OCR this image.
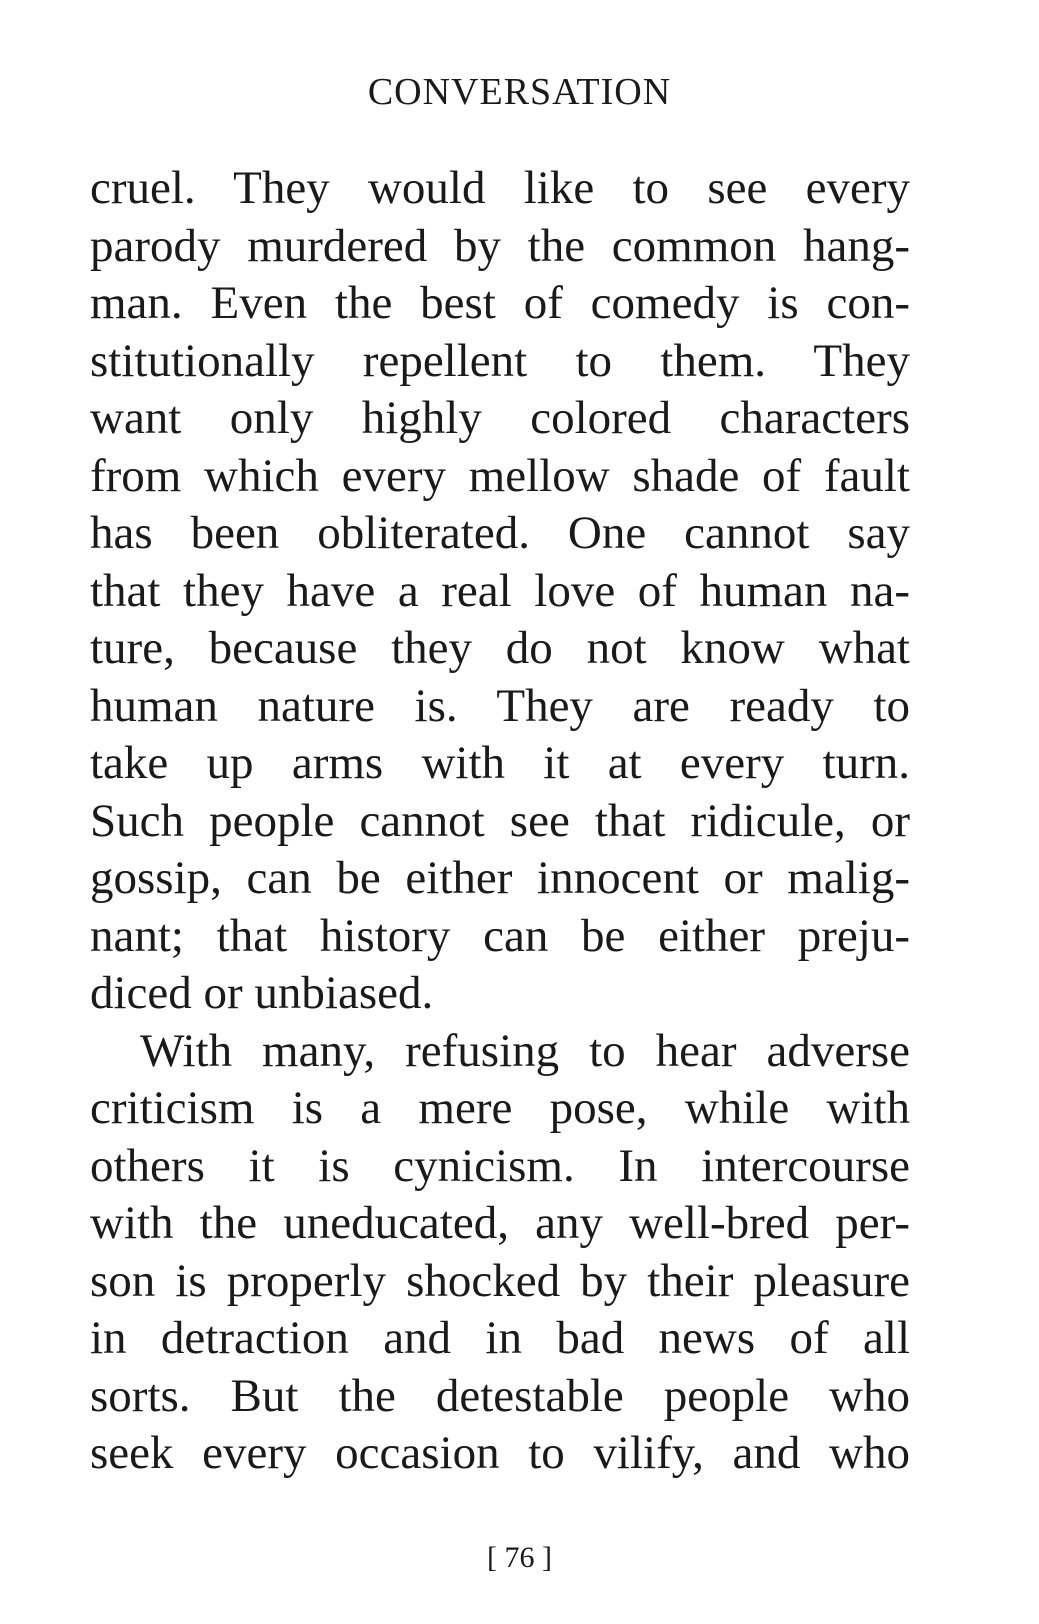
CONVERSATION
cruel. They would like to see every
parody murdered by the common hang-
man. Even the best of comedy is con-
stitutionally repellent to them. They
want only highly colored characters
from which every mellow shade of fault
has been obliterated. One cannot say
that they have a real love of human na-
ture, because they do not know what
human nature is. They are ready to
take up arms with it at every turn.
Such people cannot see that ridicule, or
gossip, can be either innocent or malig-
nant; that history can be either preju-
diced or unbiased.
With many, refusing to hear adverse
criticism is a mere pose, while with
others it is cynicism. In intercourse
with the uneducated, any well-bred per-
son is properly shocked by their pleasure
in detraction and in bad news of all
sorts. But the detestable people who
seek every occasion to vilify, and who
[ 76 ]
